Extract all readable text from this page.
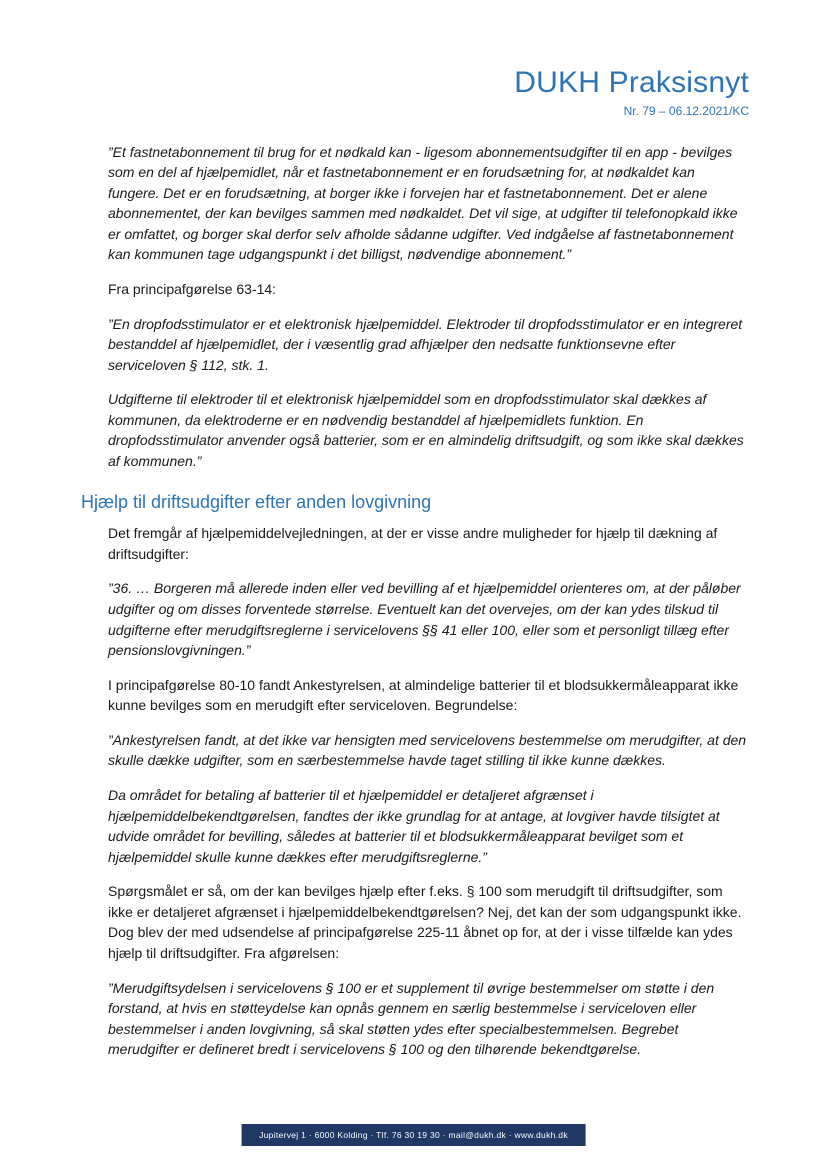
DUKH Praksisnyt
Nr. 79 – 06.12.2021/KC

”Et fastnetabonnement til brug for et nødkald kan - ligesom abonnementsudgifter til en app - bevilges som en del af hjælpemidlet, når et fastnetabonnement er en forudsætning for, at nødkaldet kan fungere. Det er en forudsætning, at borger ikke i forvejen har et fastnetabonnement. Det er alene abonnementet, der kan bevilges sammen med nødkaldet. Det vil sige, at udgifter til telefonopkald ikke er omfattet, og borger skal derfor selv afholde sådanne udgifter. Ved indgåelse af fastnetabonnement kan kommunen tage udgangspunkt i det billigst, nødvendige abonnement.”

Fra principafgørelse 63-14:

”En dropfodsstimulator er et elektronisk hjælpemiddel. Elektroder til dropfodsstimulator er en integreret bestanddel af hjælpemidlet, der i væsentlig grad afhjælper den nedsatte funktionsevne efter serviceloven § 112, stk. 1.

Udgifterne til elektroder til et elektronisk hjælpemiddel som en dropfodsstimulator skal dækkes af kommunen, da elektroderne er en nødvendig bestanddel af hjælpemidlets funktion. En dropfodsstimulator anvender også batterier, som er en almindelig driftsudgift, og som ikke skal dækkes af kommunen.”

Hjælp til driftsudgifter efter anden lovgivning

Det fremgår af hjælpemiddelvejledningen, at der er visse andre muligheder for hjælp til dækning af driftsudgifter:

”36. … Borgeren må allerede inden eller ved bevilling af et hjælpemiddel orienteres om, at der påløber udgifter og om disses forventede størrelse. Eventuelt kan det overvejes, om der kan ydes tilskud til udgifterne efter merudgiftsreglerne i servicelovens §§ 41 eller 100, eller som et personligt tillæg efter pensionslovgivningen.”

I principafgørelse 80-10 fandt Ankestyrelsen, at almindelige batterier til et blodsukkermåleapparat ikke kunne bevilges som en merudgift efter serviceloven. Begrundelse:

”Ankestyrelsen fandt, at det ikke var hensigten med servicelovens bestemmelse om merudgifter, at den skulle dække udgifter, som en særbestemmelse havde taget stilling til ikke kunne dækkes.

Da området for betaling af batterier til et hjælpemiddel er detaljeret afgrænset i hjælpemiddelbekendtgørelsen, fandtes der ikke grundlag for at antage, at lovgiver havde tilsigtet at udvide området for bevilling, således at batterier til et blodsukkermåleapparat bevilget som et hjælpemiddel skulle kunne dækkes efter merudgiftsreglerne.”

Spørgsmålet er så, om der kan bevilges hjælp efter f.eks. § 100 som merudgift til driftsudgifter, som ikke er detaljeret afgrænset i hjælpemiddelbekendtgørelsen? Nej, det kan der som udgangspunkt ikke. Dog blev der med udsendelse af principafgørelse 225-11 åbnet op for, at der i visse tilfælde kan ydes hjælp til driftsudgifter. Fra afgørelsen:

”Merudgiftsydelsen i servicelovens § 100 er et supplement til øvrige bestemmelser om støtte i den forstand, at hvis en støtteydelse kan opnås gennem en særlig bestemmelse i serviceloven eller bestemmelser i anden lovgivning, så skal støtten ydes efter specialbestemmelsen. Begrebet merudgifter er defineret bredt i servicelovens § 100 og den tilhørende bekendtgørelse.

Jupitervej 1 · 6000 Kolding · Tlf. 76 30 19 30 · mail@dukh.dk · www.dukh.dk
